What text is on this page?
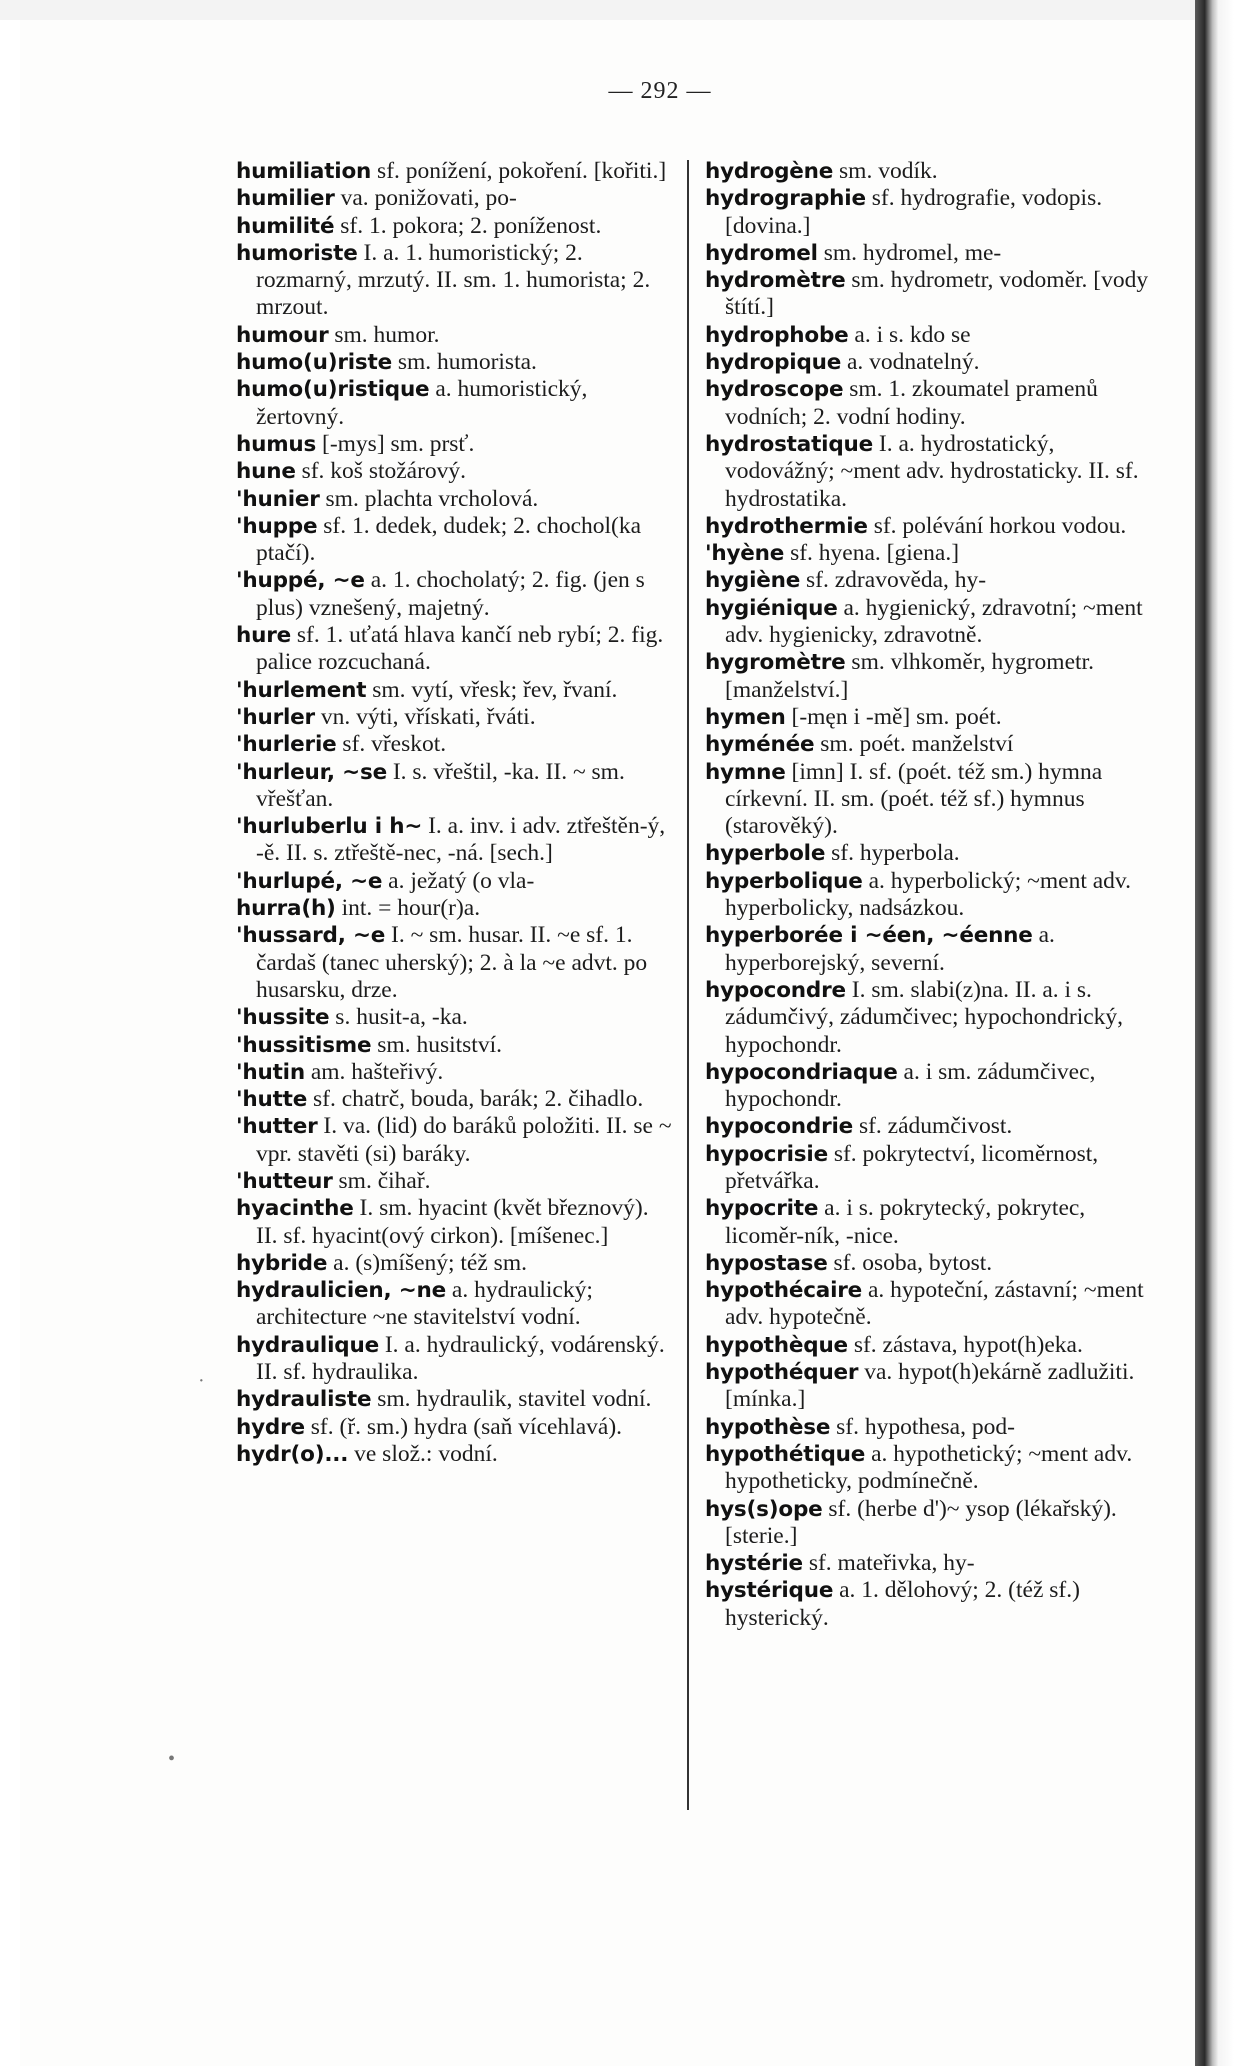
— 292 —

humiliation sf. ponížení, pokoření. [kořiti.]

humilier va. ponižovati, po-

humilité sf. 1. pokora; 2. poníženost.

humoriste I. a. 1. humoristický; 2. rozmarný, mrzutý. II. sm. 1. humorista; 2. mrzout.

humour sm. humor.

humo(u)riste sm. humorista.

humo(u)ristique a. humoristický, žertovný.

humus [-mys] sm. prsť.

hune sf. koš stožárový.

'hunier sm. plachta vrcholová.

'huppe sf. 1. dedek, dudek; 2. chochol(ka ptačí).

'huppé, ~e a. 1. chocholatý; 2. fig. (jen s plus) vznešený, majetný.

hure sf. 1. uťatá hlava kančí neb rybí; 2. fig. palice rozcuchaná.

'hurlement sm. vytí, vřesk; řev, řvaní.

'hurler vn. výti, vřískati, řváti.

'hurlerie sf. vřeskot.

'hurleur, ~se I. s. vřeštil, -ka. II. ~ sm. vřešťan.

'hurluberlu i h~ I. a. inv. i adv. ztřeštěn-ý, -ě. II. s. ztřeště-nec, -ná. [sech.]

'hurlupé, ~e a. ježatý (o vla-

hurra(h) int. = hour(r)a.

'hussard, ~e I. ~ sm. husar. II. ~e sf. 1. čardaš (tanec uherský); 2. à la ~e advt. po husarsku, drze.

'hussite s. husit-a, -ka.

'hussitisme sm. husitství.

'hutin am. hašteřivý.

'hutte sf. chatrč, bouda, barák; 2. čihadlo.

'hutter I. va. (lid) do baráků položiti. II. se ~ vpr. stavěti (si) baráky.

'hutteur sm. čihař.

hyacinthe I. sm. hyacint (květ březnový). II. sf. hyacint(ový cirkon). [míšenec.]

hybride a. (s)míšený; též sm.

hydraulicien, ~ne a. hydraulický; architecture ~ne stavitelství vodní.

hydraulique I. a. hydraulický, vodárenský. II. sf. hydraulika.

hydrauliste sm. hydraulik, stavitel vodní.

hydre sf. (ř. sm.) hydra (saň vícehlavá).

hydr(o)... ve slož.: vodní.

hydrogène sm. vodík.

hydrographie sf. hydrografie, vodopis. [dovina.]

hydromel sm. hydromel, me-

hydromètre sm. hydrometr, vodoměr. [vody štítí.]

hydrophobe a. i s. kdo se

hydropique a. vodnatelný.

hydroscope sm. 1. zkoumatel pramenů vodních; 2. vodní hodiny.

hydrostatique I. a. hydrostatický, vodovážný; ~ment adv. hydrostaticky. II. sf. hydrostatika.

hydrothermie sf. polévání horkou vodou.

'hyène sf. hyena. [giena.]

hygiène sf. zdravověda, hy-

hygiénique a. hygienický, zdravotní; ~ment adv. hygienicky, zdravotně.

hygromètre sm. vlhkoměr, hygrometr. [manželství.]

hymen [-męn i -mě] sm. poét.

hyménée sm. poét. manželství

hymne [imn] I. sf. (poét. též sm.) hymna církevní. II. sm. (poét. též sf.) hymnus (starověký).

hyperbole sf. hyperbola.

hyperbolique a. hyperbolický; ~ment adv. hyperbolicky, nadsázkou.

hyperborée i ~éen, ~éenne a. hyperborejský, severní.

hypocondre I. sm. slabi(z)na. II. a. i s. zádumčivý, zádumčivec; hypochondrický, hypochondr.

hypocondriaque a. i sm. zádumčivec, hypochondr.

hypocondrie sf. zádumčivost.

hypocrisie sf. pokrytectví, licoměrnost, přetvářka.

hypocrite a. i s. pokrytecký, pokrytec, licoměr-ník, -nice.

hypostase sf. osoba, bytost.

hypothécaire a. hypoteční, zástavní; ~ment adv. hypotečně.

hypothèque sf. zástava, hypot(h)eka.

hypothéquer va. hypot(h)ekárně zadlužiti. [mínka.]

hypothèse sf. hypothesa, pod-

hypothétique a. hypothetický; ~ment adv. hypotheticky, podmínečně.

hys(s)ope sf. (herbe d')~ ysop (lékařský). [sterie.]

hystérie sf. mateřivka, hy-

hystérique a. 1. dělohový; 2. (též sf.) hysterický.

·
•
